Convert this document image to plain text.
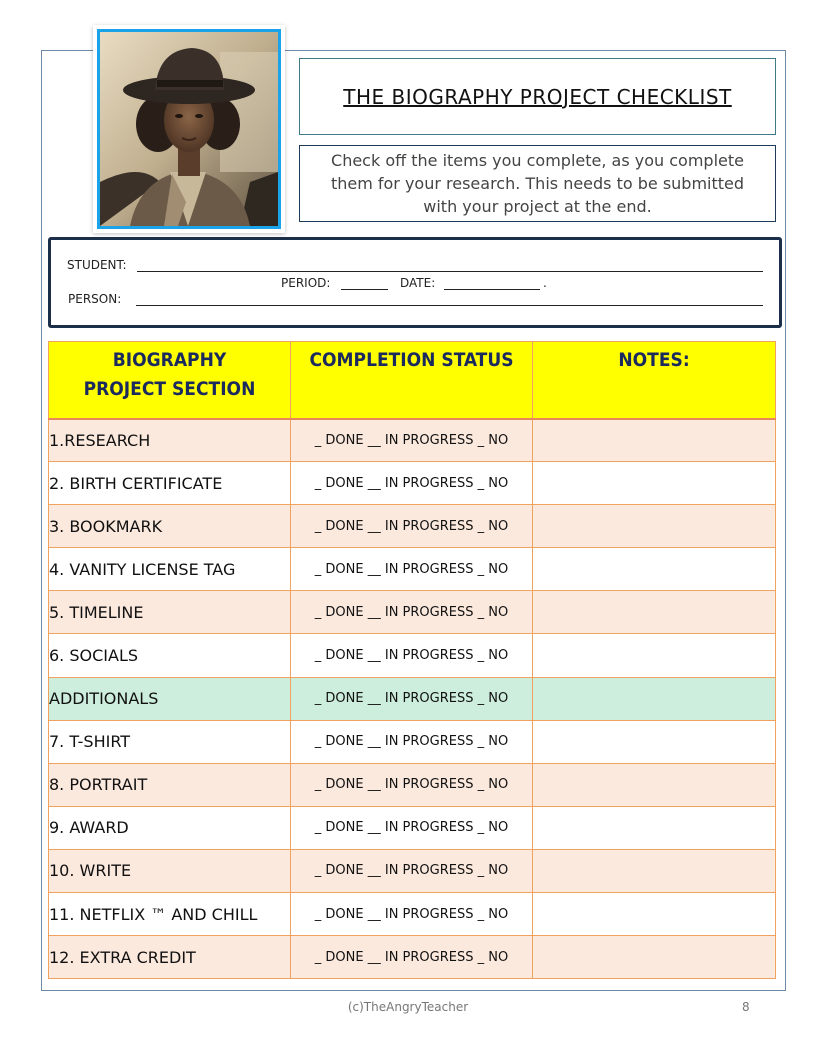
THE BIOGRAPHY PROJECT CHECKLIST
Check off the items you complete, as you complete them for your research. This needs to be submitted with your project at the end.
STUDENT:
PERIOD:	DATE:	.
PERSON:
BIOGRAPHY PROJECT SECTION	COMPLETION STATUS	NOTES:
1.RESEARCH	_ DONE __ IN PROGRESS _ NO	
2. BIRTH CERTIFICATE	_ DONE __ IN PROGRESS _ NO	
3. BOOKMARK	_ DONE __ IN PROGRESS _ NO	
4. VANITY LICENSE TAG	_ DONE __ IN PROGRESS _ NO	
5. TIMELINE	_ DONE __ IN PROGRESS _ NO	
6. SOCIALS	_ DONE __ IN PROGRESS _ NO	
ADDITIONALS	_ DONE __ IN PROGRESS _ NO	
7. T-SHIRT	_ DONE __ IN PROGRESS _ NO	
8. PORTRAIT	_ DONE __ IN PROGRESS _ NO	
9. AWARD	_ DONE __ IN PROGRESS _ NO	
10. WRITE	_ DONE __ IN PROGRESS _ NO	
11. NETFLIX ™ AND CHILL	_ DONE __ IN PROGRESS _ NO	
12. EXTRA CREDIT	_ DONE __ IN PROGRESS _ NO	
(c)TheAngryTeacher	8
